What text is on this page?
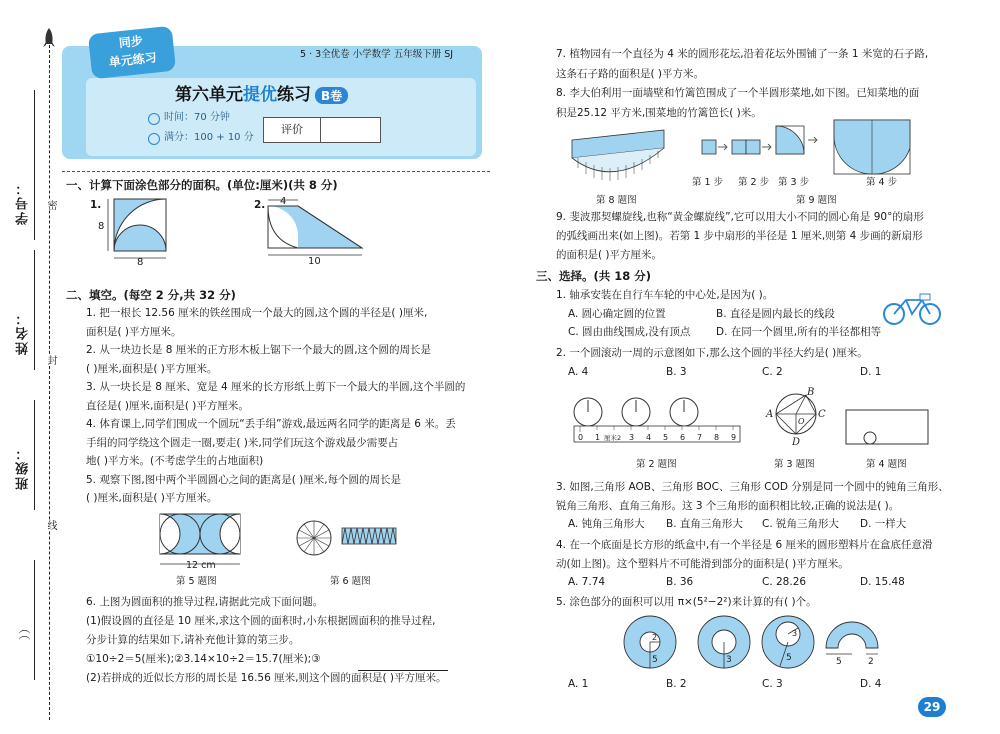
学号： 密
姓名：
封
班级：
线
（（
同步
单元练习	5 · 3全优卷 小学数学 五年级下册 SJ
第六单元提优练习 B卷
时间：70 分钟
满分：100 + 10 分
评价
一、计算下面涂色部分的面积。(单位:厘米)(共 8 分)
1.
8
8
2. 4
10
二、填空。(每空 2 分,共 32 分)
1. 把一根长 12.56 厘米的铁丝围成一个最大的圆,这个圆的半径是( )厘米,
面积是( )平方厘米。
2. 从一块边长是 8 厘米的正方形木板上锯下一个最大的圆,这个圆的周长是
( )厘米,面积是( )平方厘米。
3. 从一块长是 8 厘米、宽是 4 厘米的长方形纸上剪下一个最大的半圆,这个半圆的
直径是( )厘米,面积是( )平方厘米。
4. 体育课上,同学们围成一个圆玩“丢手绢”游戏,最远两名同学的距离是 6 米。丢
手绢的同学绕这个圆走一圈,要走( )米,同学们玩这个游戏最少需要占
地( )平方米。(不考虑学生的占地面积)
5. 观察下图,图中两个半圆圆心之间的距离是( )厘米,每个圆的周长是
( )厘米,面积是( )平方厘米。
12 cm
第 5 题图	第 6 题图
6. 上图为圆面积的推导过程,请据此完成下面问题。
(1)假设圆的直径是 10 厘米,求这个圆的面积时,小东根据圆面积的推导过程,
分步计算的结果如下,请补充他计算的第三步。
①10÷2＝5(厘米);②3.14×10÷2＝15.7(厘米);③
(2)若拼成的近似长方形的周长是 16.56 厘米,则这个圆的面积是( )平方厘米。
7. 植物园有一个直径为 4 米的圆形花坛,沿着花坛外围铺了一条 1 米宽的石子路,
这条石子路的面积是( )平方米。
8. 李大伯利用一面墙壁和竹篱笆围成了一个半圆形菜地,如下图。已知菜地的面
积是25.12 平方米,围菜地的竹篱笆长( )米。
第 8 题图
第 1 步 第 2 步 第 3 步	第 4 步
第 9 题图
9. 斐波那契螺旋线,也称“黄金螺旋线”,它可以用大小不同的圆心角是 90°的扇形
的弧线画出来(如上图)。若第 1 步中扇形的半径是 1 厘米,则第 4 步画的新扇形
的面积是( )平方厘米。
三、选择。(共 18 分)
1. 轴承安装在自行车车轮的中心处,是因为( )。
A. 圆心确定圆的位置	B. 直径是圆内最长的线段
C. 圆由曲线围成,没有顶点 D. 在同一个圆里,所有的半径都相等
2. 一个圆滚动一周的示意图如下,那么这个圆的半径大约是( )厘米。
A. 4	B. 3	C. 2	D. 1
0 1 厘米2 3 4 5 6 7 8 9
第 2 题图
A
B
C
D
O
第 3 题图	第 4 题图
3. 如图,三角形 AOB、三角形 BOC、三角形 COD 分别是同一个圆中的钝角三角形、
锐角三角形、直角三角形。这 3 个三角形的面积相比较,正确的说法是( )。
A. 钝角三角形大 B. 直角三角形大 C. 锐角三角形大 D. 一样大
4. 在一个底面是长方形的纸盒中,有一个半径是 6 厘米的圆形塑料片在盒底任意滑
动(如上图)。这个塑料片不可能滑到部分的面积是( )平方厘米。
A. 7.74	B. 36	C. 28.26	D. 15.48
5. 涂色部分的面积可以用 π×(5²−2²)来计算的有( )个。
5
2
3	5
3
5	2
A. 1	B. 2	C. 3	D. 4
29
